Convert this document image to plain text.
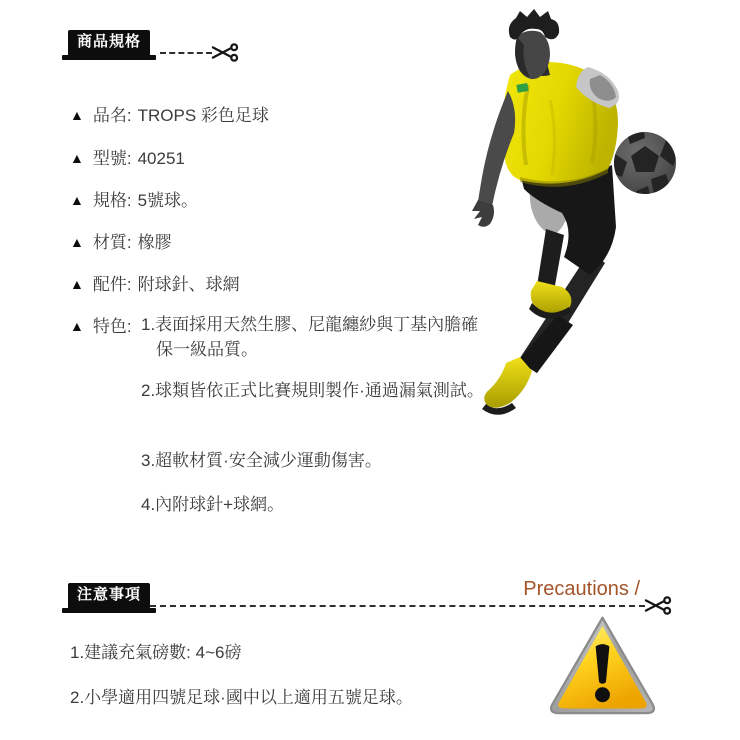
商品規格
▲ 品名: TROPS 彩色足球
▲ 型號: 40251
▲ 規格: 5號球。
▲ 材質: 橡膠
▲ 配件: 附球針、球網
▲ 特色: 1.表面採用天然生膠、尼龍纏紗與丁基內膽確保一級品質。
2.球類皆依正式比賽規則製作·通過漏氣測試。
3.超軟材質·安全減少運動傷害。
4.內附球針+球網。
注意事項	Precautions /
1.建議充氣磅數: 4~6磅
2.小學適用四號足球·國中以上適用五號足球。
